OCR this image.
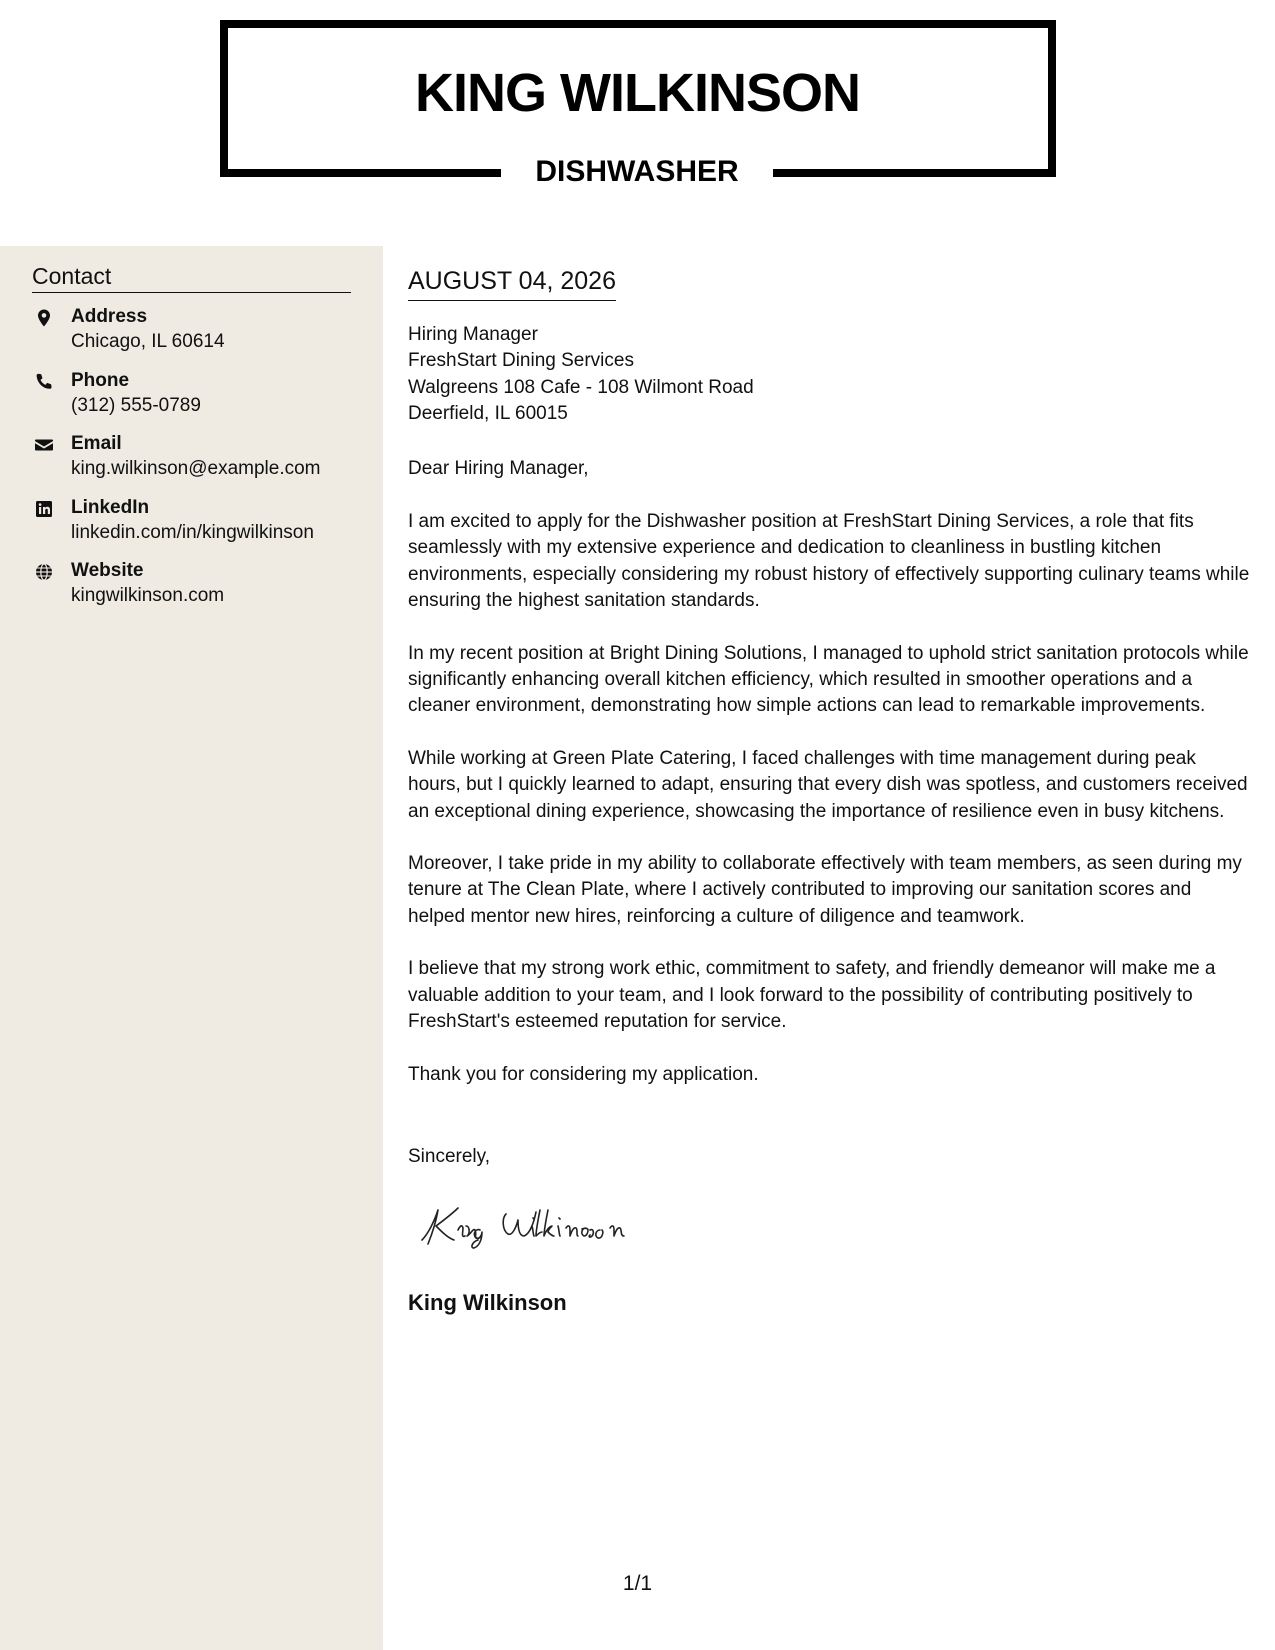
KING WILKINSON
DISHWASHER
Contact
Address
Chicago, IL 60614
Phone
(312) 555-0789
Email
king.wilkinson@example.com
LinkedIn
linkedin.com/in/kingwilkinson
Website
kingwilkinson.com
AUGUST 04, 2026
Hiring Manager
FreshStart Dining Services
Walgreens 108 Cafe - 108 Wilmont Road
Deerfield, IL 60015
Dear Hiring Manager,

I am excited to apply for the Dishwasher position at FreshStart Dining Services, a role that fits seamlessly with my extensive experience and dedication to cleanliness in bustling kitchen environments, especially considering my robust history of effectively supporting culinary teams while ensuring the highest sanitation standards.

In my recent position at Bright Dining Solutions, I managed to uphold strict sanitation protocols while significantly enhancing overall kitchen efficiency, which resulted in smoother operations and a cleaner environment, demonstrating how simple actions can lead to remarkable improvements.

While working at Green Plate Catering, I faced challenges with time management during peak hours, but I quickly learned to adapt, ensuring that every dish was spotless, and customers received an exceptional dining experience, showcasing the importance of resilience even in busy kitchens.

Moreover, I take pride in my ability to collaborate effectively with team members, as seen during my tenure at The Clean Plate, where I actively contributed to improving our sanitation scores and helped mentor new hires, reinforcing a culture of diligence and teamwork.

I believe that my strong work ethic, commitment to safety, and friendly demeanor will make me a valuable addition to your team, and I look forward to the possibility of contributing positively to FreshStart's esteemed reputation for service.

Thank you for considering my application.

Sincerely,
King Wilkinson
1/1
